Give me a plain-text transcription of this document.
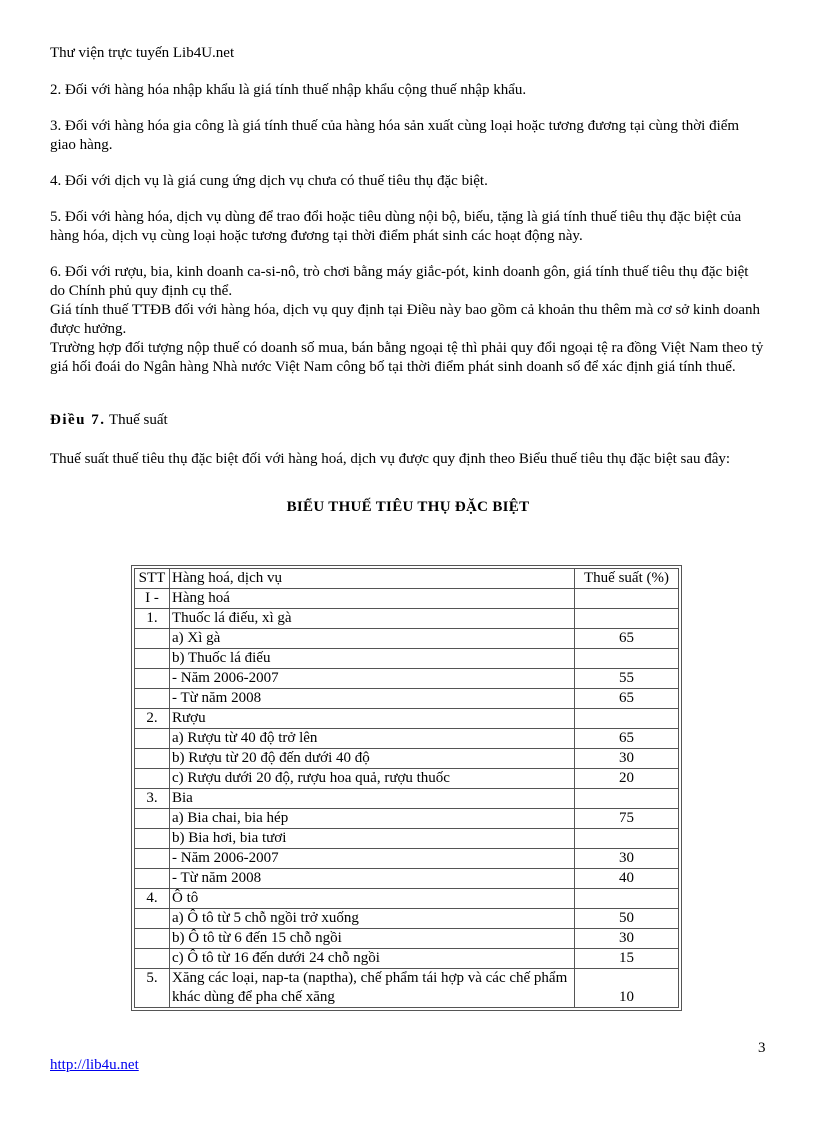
Thư viện trực tuyến Lib4U.net

2. Đối với hàng hóa nhập khẩu là giá tính thuế nhập khẩu cộng thuế nhập khẩu.

3. Đối với hàng hóa gia công là giá tính thuế của hàng hóa sản xuất cùng loại hoặc tương đương tại cùng thời điểm giao hàng.

4. Đối với dịch vụ là giá cung ứng dịch vụ chưa có thuế tiêu thụ đặc biệt.

5. Đối với hàng hóa, dịch vụ dùng để trao đổi hoặc tiêu dùng nội bộ, biếu, tặng là giá tính thuế tiêu thụ đặc biệt của hàng hóa, dịch vụ cùng loại hoặc tương đương tại thời điểm phát sinh các hoạt động này.

6. Đối với rượu, bia, kinh doanh ca-si-nô, trò chơi bằng máy giắc-pót, kinh doanh gôn, giá tính thuế tiêu thụ đặc biệt do Chính phủ quy định cụ thể.

Giá tính thuế TTĐB đối với hàng hóa, dịch vụ quy định tại Điều này bao gồm cả khoản thu thêm mà cơ sở kinh doanh được hưởng.

Trường hợp đối tượng nộp thuế có doanh số mua, bán bằng ngoại tệ thì phải quy đổi ngoại tệ ra đồng Việt Nam theo tỷ giá hối đoái do Ngân hàng Nhà nước Việt Nam công bố tại thời điểm phát sinh doanh số để xác định giá tính thuế.

Điều 7. Thuế suất

Thuế suất thuế tiêu thụ đặc biệt đối với hàng hoá, dịch vụ được quy định theo Biểu thuế tiêu thụ đặc biệt sau đây:

BIỂU THUẾ TIÊU THỤ ĐẶC BIỆT
STT	Hàng hoá, dịch vụ	Thuế suất (%)
I -	Hàng hoá	
1.	Thuốc lá điếu, xì gà	
	a) Xì gà	65
	b) Thuốc lá điếu	
	- Năm 2006-2007	55
	- Từ năm 2008	65
2.	Rượu	
	a) Rượu từ 40 độ trở lên	65
	b) Rượu từ 20 độ đến dưới 40 độ	30
	c) Rượu dưới 20 độ, rượu hoa quả, rượu thuốc	20
3.	Bia	
	a) Bia chai, bia hép	75
	b) Bia hơi, bia tươi	
	- Năm 2006-2007	30
	- Từ năm 2008	40
4.	Ô tô	
	a) Ô tô từ 5 chỗ ngồi trở xuống	50
	b) Ô tô từ 6 đến 15 chỗ ngồi	30
	c) Ô tô từ 16 đến dưới 24 chỗ ngồi	15
5.	Xăng các loại, nap-ta (naptha), chế phẩm tái hợp và các chế phẩm khác dùng để pha chế xăng	10
3
http://lib4u.net
